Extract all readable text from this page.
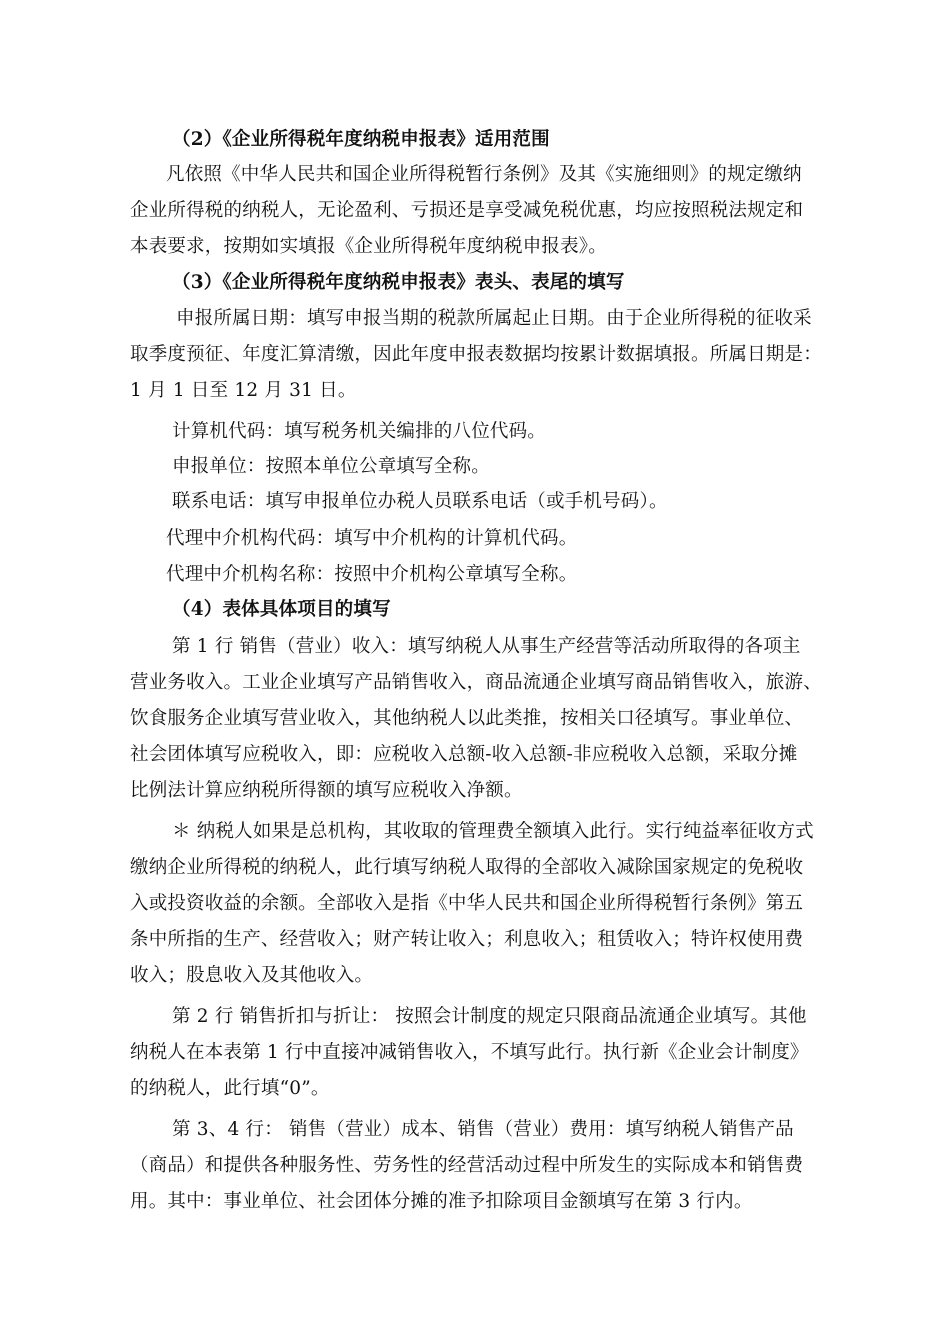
（2）《企业所得税年度纳税申报表》适用范围
凡依照《中华人民共和国企业所得税暂行条例》及其《实施细则》的规定缴纳
企业所得税的纳税人，无论盈利、亏损还是享受减免税优惠，均应按照税法规定和
本表要求，按期如实填报《企业所得税年度纳税申报表》。
（3）《企业所得税年度纳税申报表》表头、表尾的填写
申报所属日期：填写申报当期的税款所属起止日期。由于企业所得税的征收采
取季度预征、年度汇算清缴，因此年度申报表数据均按累计数据填报。所属日期是：
1 月 1 日至 12 月 31 日。
计算机代码：填写税务机关编排的八位代码。
申报单位：按照本单位公章填写全称。
联系电话：填写申报单位办税人员联系电话（或手机号码）。
代理中介机构代码：填写中介机构的计算机代码。
代理中介机构名称：按照中介机构公章填写全称。
（4）表体具体项目的填写
第 1 行 销售（营业）收入：填写纳税人从事生产经营等活动所取得的各项主
营业务收入。工业企业填写产品销售收入，商品流通企业填写商品销售收入，旅游、
饮食服务企业填写营业收入，其他纳税人以此类推，按相关口径填写。事业单位、
社会团体填写应税收入，即：应税收入总额-收入总额-非应税收入总额，采取分摊
比例法计算应纳税所得额的填写应税收入净额。
＊ 纳税人如果是总机构，其收取的管理费全额填入此行。实行纯益率征收方式
缴纳企业所得税的纳税人，此行填写纳税人取得的全部收入减除国家规定的免税收
入或投资收益的余额。全部收入是指《中华人民共和国企业所得税暂行条例》第五
条中所指的生产、经营收入；财产转让收入；利息收入；租赁收入；特许权使用费
收入；股息收入及其他收入。
第 2 行 销售折扣与折让： 按照会计制度的规定只限商品流通企业填写。其他
纳税人在本表第 1 行中直接冲减销售收入，不填写此行。执行新《企业会计制度》
的纳税人，此行填“0”。
第 3、4 行： 销售（营业）成本、销售（营业）费用：填写纳税人销售产品
（商品）和提供各种服务性、劳务性的经营活动过程中所发生的实际成本和销售费
用。其中：事业单位、社会团体分摊的准予扣除项目金额填写在第 3 行内。
